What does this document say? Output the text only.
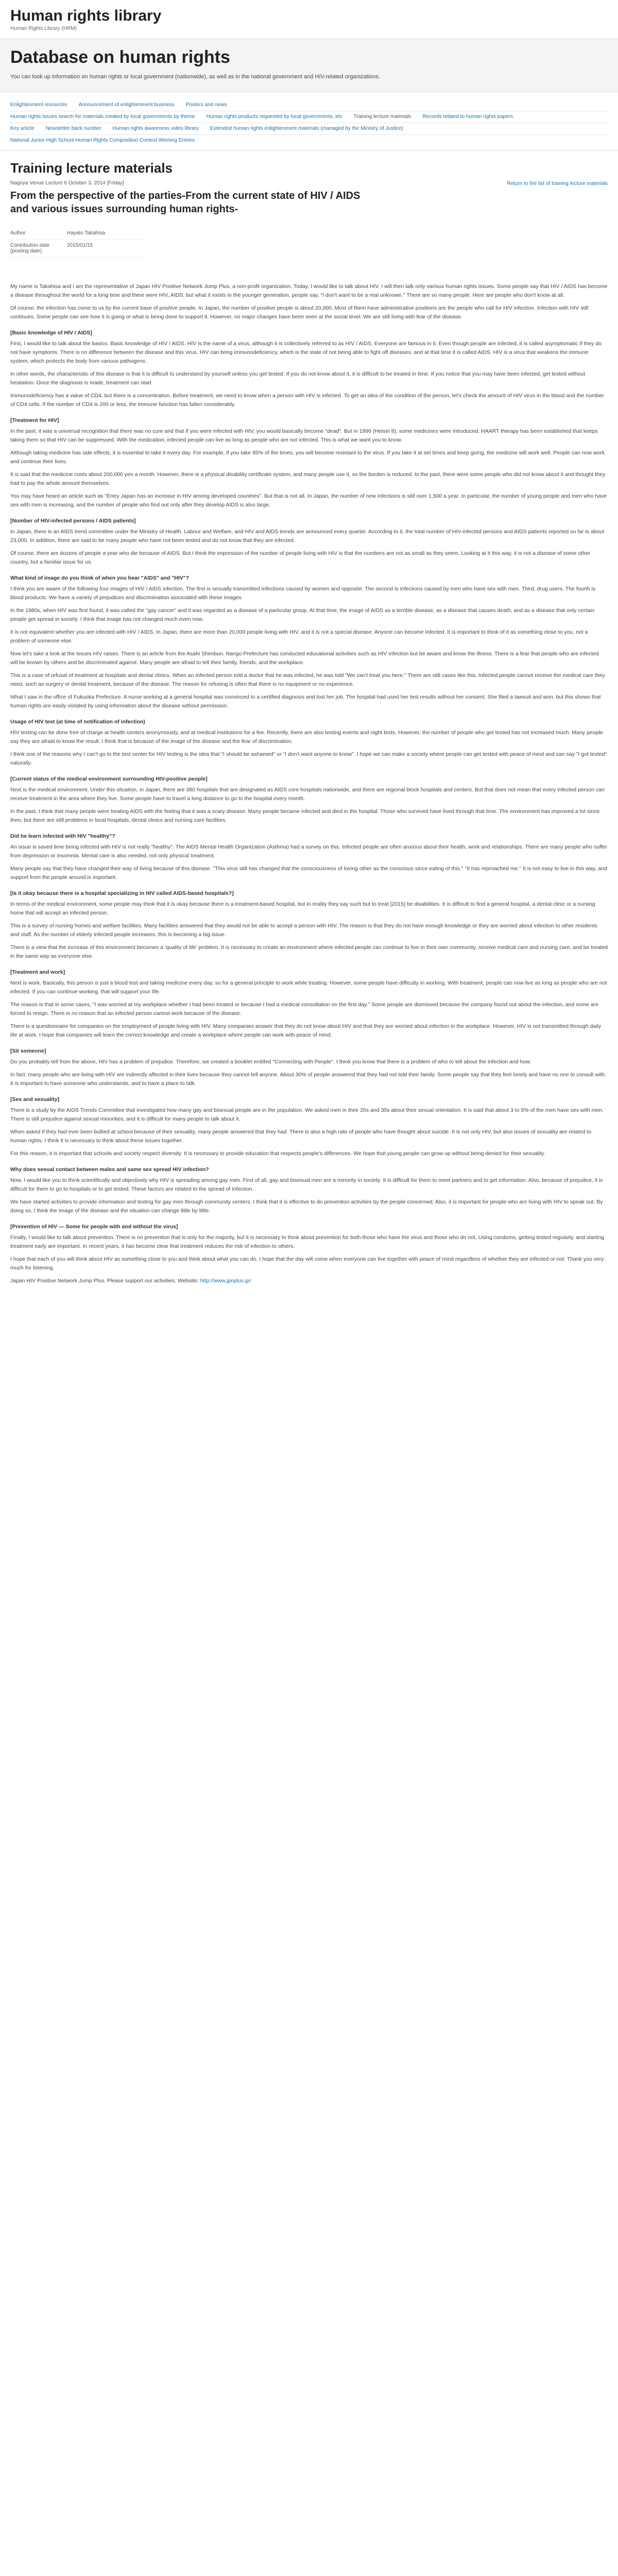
Human rights library
Human Rights Library (HRM)
Database on human rights
You can look up information on human rights or local government (nationwide), as well as in the national government and HIV-related organizations.
Enlightenment resources Announcement of enlightenment business Posters and news
Human rights issues search for materials created by local governments by theme Human rights products requested by local governments, etc Training lecture materials Records related to human rights papers
Key article Newsletter back number Human rights awareness video library Extended human rights enlightenment materials (managed by the Ministry of Justice)
National Junior High School Human Rights Composition Contest Winning Entries
Training lecture materials
Nagoya Venue Lecture 6 October 3, 2014 [Friday]
From the perspective of the parties-From the current state of HIV / AIDS and various issues surrounding human rights-
Return to the list of training lecture materials
Author	Hayato Takahisa
Contribution date (posting date)
2015/01/15

My name is Takahisa and I am the representative of Japan HIV Positive Network Jump Plus, a non-profit organization. Today, I would like to talk about HIV. I will then talk only various human rights issues. Some people say that HIV / AIDS has become a disease throughout the world for a long time and there were HIV, AIDS, but what it exists in the younger generation, people say, "I don't want to be a real unknown." There are so many people. Here are people who don't know at all.

Of course, the infection has come to us by the current base of positive people. In Japan, the number of positive people is about 20,000. Most of them have administrative positions are the people who call for HIV infection. Infection with HIV still continues. Some people can see how it is going or what is being done to support it. However, no major changes have been seen at the social level. We are still living with fear of the disease.

[Basic knowledge of HIV / AIDS]

First, I would like to talk about the basics. Basic knowledge of HIV / AIDS. HIV is the name of a virus, although it is collectively referred to as HIV / AIDS. Everyone are famous in it. Even though people are infected, it is called asymptomatic if they do not have symptoms. There is no difference between the disease and this virus. HIV can bring immunodeficiency, which is the state of not being able to fight off diseases, and at that time it is called AIDS. HIV is a virus that weakens the immune system, which protects the body from various pathogens.

In other words, the characteristic of this disease is that it is difficult to understand by yourself unless you get tested. If you do not know about it, it is difficult to be treated in time. If you notice that you may have been infected, get tested without hesitation. Once the diagnosis is made, treatment can start.

Immunodeficiency has a value of CD4, but there is a concentration. Before treatment, we need to know when a person with HIV is infected. To get an idea of the condition of the person, let's check the amount of HIV virus in the blood and the number of CD4 cells. If the number of CD4 is 200 or less, the immune function has fallen considerably.

[Treatment for HIV]

In the past, it was a universal recognition that there was no cure and that if you were infected with HIV, you would basically become "dead". But in 1996 (Heisei 8), some medicines were introduced. HAART therapy has been established that keeps taking them so that HIV can be suppressed. With the medication, infected people can live as long as people who are not infected. This is what we want you to know.

Although taking medicine has side effects, it is essential to take it every day. For example, if you take 95% of the times, you will become resistant to the virus. If you take it at set times and keep going, the medicine will work well. People can now work and continue their lives.

It is said that the medicine costs about 200,000 yen a month. However, there is a physical disability certificate system, and many people use it, so the burden is reduced. In the past, there were some people who did not know about it and thought they had to pay the whole amount themselves.

You may have heard an article such as "Entry Japan has an increase in HIV among developed countries". But that is not all. In Japan, the number of new infections is still over 1,500 a year. In particular, the number of young people and men who have sex with men is increasing, and the number of people who find out only after they develop AIDS is also large.

[Number of HIV-infected persons / AIDS patients]

In Japan, there is an AIDS trend committee under the Ministry of Health, Labour and Welfare, and HIV and AIDS trends are announced every quarter. According to it, the total number of HIV-infected persons and AIDS patients reported so far is about 23,000. In addition, there are said to be many people who have not been tested and do not know that they are infected.

Of course, there are dozens of people a year who die because of AIDS. But I think the impression of the number of people living with HIV is that the numbers are not as small as they seem. Looking at it this way, it is not a disease of some other country, but a familiar issue for us.

What kind of image do you think of when you hear "AIDS" and "HIV"?

I think you are aware of the following four images of HIV / AIDS infection. The first is sexually transmitted infections caused by women and opposite. The second is infections caused by men who have sex with men. Third, drug users. The fourth is blood products. We have a variety of prejudices and discrimination associated with these images.

In the 1980s, when HIV was first found, it was called the "gay cancer" and it was regarded as a disease of a particular group. At that time, the image of AIDS as a terrible disease, as a disease that causes death, and as a disease that only certain people get spread in society. I think that image has not changed much even now.

It is not equivalent whether you are infected with HIV / AIDS. In Japan, there are more than 20,000 people living with HIV, and it is not a special disease. Anyone can become infected. It is important to think of it as something close to you, not a problem of someone else.

Now let's take a look at the issues HIV raises. There is an article from the Asahi Shimbun. Nango Prefecture has conducted educational activities such as HIV infection but be aware and know the illness. There is a fear that people who are infected will be known by others and be discriminated against. Many people are afraid to tell their family, friends, and the workplace.

This is a case of refusal of treatment at hospitals and dental clinics. When an infected person told a doctor that he was infected, he was told "We can't treat you here." There are still cases like this. Infected people cannot receive the medical care they need, such as surgery or dental treatment, because of the disease. The reason for refusing is often that there is no equipment or no experience.

What I saw in the office of Fukuoka Prefecture. A nurse working at a general hospital was convinced to a certified diagnosis and lost her job. The hospital had used her test results without her consent. She filed a lawsuit and won, but this shows that human rights are easily violated by using information about the disease without permission.

Usage of HIV test (at time of notification of infection)

HIV testing can be done free of charge at health centers anonymously, and at medical institutions for a fee. Recently, there are also testing events and night tests. However, the number of people who get tested has not increased much. Many people say they are afraid to know the result. I think that is because of the image of the disease and the fear of discrimination.

I think one of the reasons why I can't go to the test center for HIV testing is the idea that "I should be ashamed" or "I don't want anyone to know". I hope we can make a society where people can get tested with peace of mind and can say "I got tested" naturally.

[Current status of the medical environment surrounding HIV-positive people]

Next is the medical environment. Under this situation, in Japan, there are 380 hospitals that are designated as AIDS core hospitals nationwide, and there are regional block hospitals and centers. But that does not mean that every infected person can receive treatment in the area where they live. Some people have to travel a long distance to go to the hospital every month.

In the past, I think that many people were treating AIDS with the feeling that it was a scary disease. Many people became infected and died in the hospital. Those who survived have lived through that time. The environment has improved a lot since then, but there are still problems in local hospitals, dental clinics and nursing care facilities.

Did he learn infected with HIV "healthy"?

An issue is saved time being infected with HIV is not really "healthy". The AIDS Mental Health Organization (Asthma) had a survey on this. Infected people are often anxious about their health, work and relationships. There are many people who suffer from depression or insomnia. Mental care is also needed, not only physical treatment.

Many people say that they have changed their way of living because of this disease. "This virus still has changed that the consciousness of loving other as the conscious since eating of this." "It has reproached me." It is not easy to live in this way, and support from the people around is important.

[Is it okay because there is a hospital specializing in HIV called AIDS-based hospitals?]

In terms of the medical environment, some people may think that it is okay because there is a treatment-based hospital, but in reality they say such but to treat [2015] be disabilities. It is difficult to find a general hospital, a dental clinic or a nursing home that will accept an infected person.

This is a survey of nursing homes and welfare facilities. Many facilities answered that they would not be able to accept a person with HIV. The reason is that they do not have enough knowledge or they are worried about infection to other residents and staff. As the number of elderly infected people increases, this is becoming a big issue.

There is a view that the increase of this environment becomes a 'quality of life' problem. It is necessary to create an environment where infected people can continue to live in their own community, receive medical care and nursing care, and be treated in the same way as everyone else.

[Treatment and work]

Next is work. Basically, this person is just a blood test and taking medicine every day, so for a general principle to work while treating. However, some people have difficulty in working. With treatment, people can now live as long as people who are not infected. If you can continue working, that will support your life.

The reason is that in some cases, "I was worried at my workplace whether I had been treated or because I had a medical consultation on the first day." Some people are dismissed because the company found out about the infection, and some are forced to resign. There is no reason that an infected person cannot work because of the disease.

There is a questionnaire for companies on the employment of people living with HIV. Many companies answer that they do not know about HIV and that they are worried about infection in the workplace. However, HIV is not transmitted through daily life at work. I hope that companies will learn the correct knowledge and create a workplace where people can work with peace of mind.

[Sit someone]

Do you probably tell from the above, HIV has a problem of prejudice. Therefore, we created a booklet entitled "Connecting with People". I think you know that there is a problem of who to tell about the infection and how.

In fact, many people who are living with HIV are indirectly affected in their lives because they cannot tell anyone. About 30% of people answered that they had not told their family. Some people say that they feel lonely and have no one to consult with. It is important to have someone who understands, and to have a place to talk.

[Sex and sexuality]

There is a study by the AIDS Trends Committee that investigated how many gay and bisexual people are in the population. We asked men in their 20s and 30s about their sexual orientation. It is said that about 3 to 5% of the men have sex with men. There is still prejudice against sexual minorities, and it is difficult for many people to talk about it.

When asked if they had ever been bullied at school because of their sexuality, many people answered that they had. There is also a high rate of people who have thought about suicide. It is not only HIV, but also issues of sexuality are related to human rights. I think it is necessary to think about these issues together.

For this reason, it is important that schools and society respect diversity. It is necessary to provide education that respects people's differences. We hope that young people can grow up without being denied for their sexuality.

Why does sexual contact between males and same sex spread HIV infection?

Now, I would like you to think scientifically and objectively why HIV is spreading among gay men. First of all, gay and bisexual men are a minority in society. It is difficult for them to meet partners and to get information. Also, because of prejudice, it is difficult for them to go to hospitals or to get tested. These factors are related to the spread of infection.

We have started activities to provide information and testing for gay men through community centers. I think that it is effective to do prevention activities by the people concerned. Also, it is important for people who are living with HIV to speak out. By doing so, I think the image of the disease and the situation can change little by little.

[Prevention of HIV — Some for people with and without the virus]

Finally, I would like to talk about prevention. There is no prevention that is only for the majority, but it is necessary to think about prevention for both those who have the virus and those who do not. Using condoms, getting tested regularly, and starting treatment early are important. In recent years, it has become clear that treatment reduces the risk of infection to others.

I hope that each of you will think about HIV as something close to you and think about what you can do. I hope that the day will come when everyone can live together with peace of mind regardless of whether they are infected or not. Thank you very much for listening.

Japan HIV Positive Network Jump Plus. Please support our activities. Website: http://www.jpnplus.jp/
